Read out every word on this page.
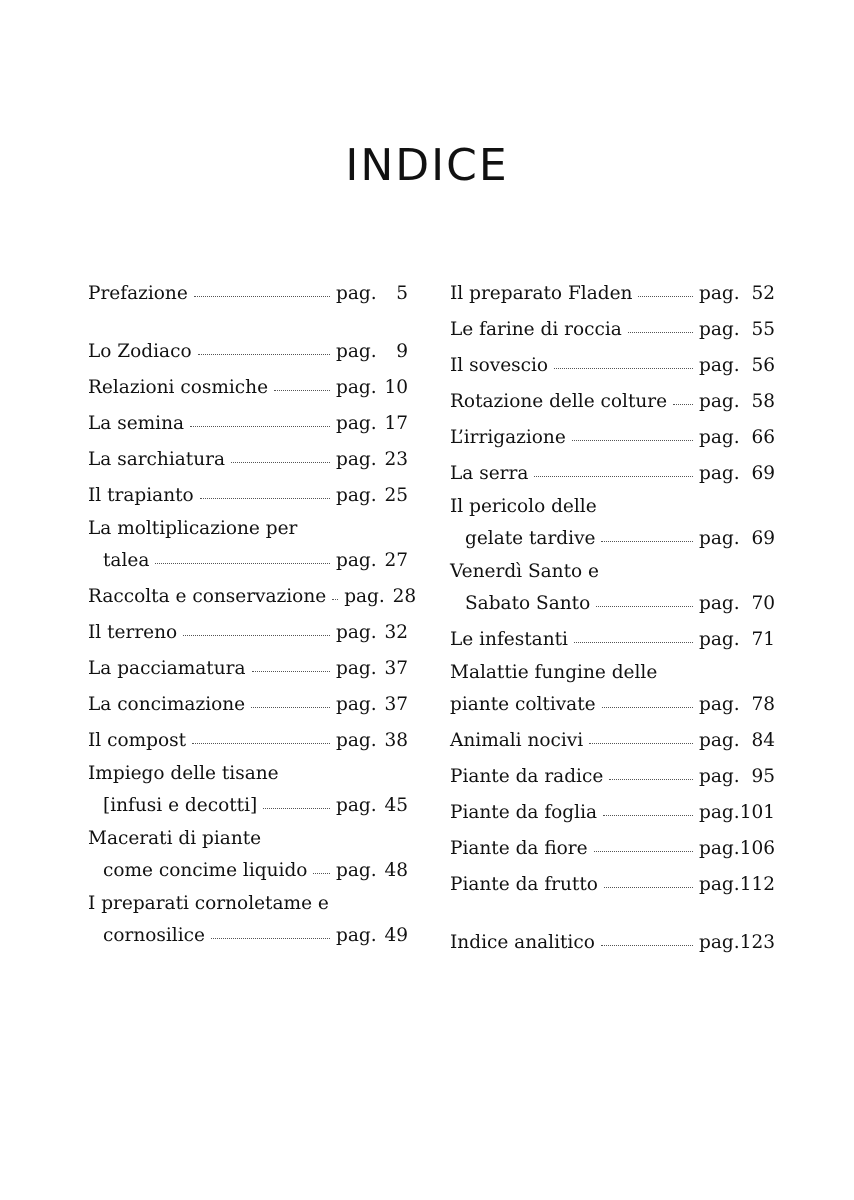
INDICE
Prefazione	pag.	5
Lo Zodiaco	pag.	9
Relazioni cosmiche	pag. 10
La semina	pag. 17
La sarchiatura	pag. 23
Il trapianto	pag. 25
La moltiplicazione per
talea	pag. 27
Raccolta e conservazione pag. 28
Il terreno	pag. 32
La pacciamatura	pag. 37
La concimazione	pag. 37
Il compost	pag. 38
Impiego delle tisane
[infusi e decotti]	pag. 45
Macerati di piante
come concime liquido pag. 48
I preparati cornoletame e
cornosilice	pag. 49
Il preparato Fladen	pag. 52
Le farine di roccia	pag. 55
Il sovescio	pag. 56
Rotazione delle colture pag. 58
L’irrigazione	pag. 66
La serra	pag. 69
Il pericolo delle
gelate tardive	pag. 69
Venerdì Santo e
Sabato Santo	pag. 70
Le infestanti	pag. 71
Malattie fungine delle
piante coltivate	pag. 78
Animali nocivi	pag. 84
Piante da radice	pag. 95
Piante da foglia	pag. 101
Piante da fiore	pag. 106
Piante da frutto	pag. 112
Indice analitico	pag. 123
